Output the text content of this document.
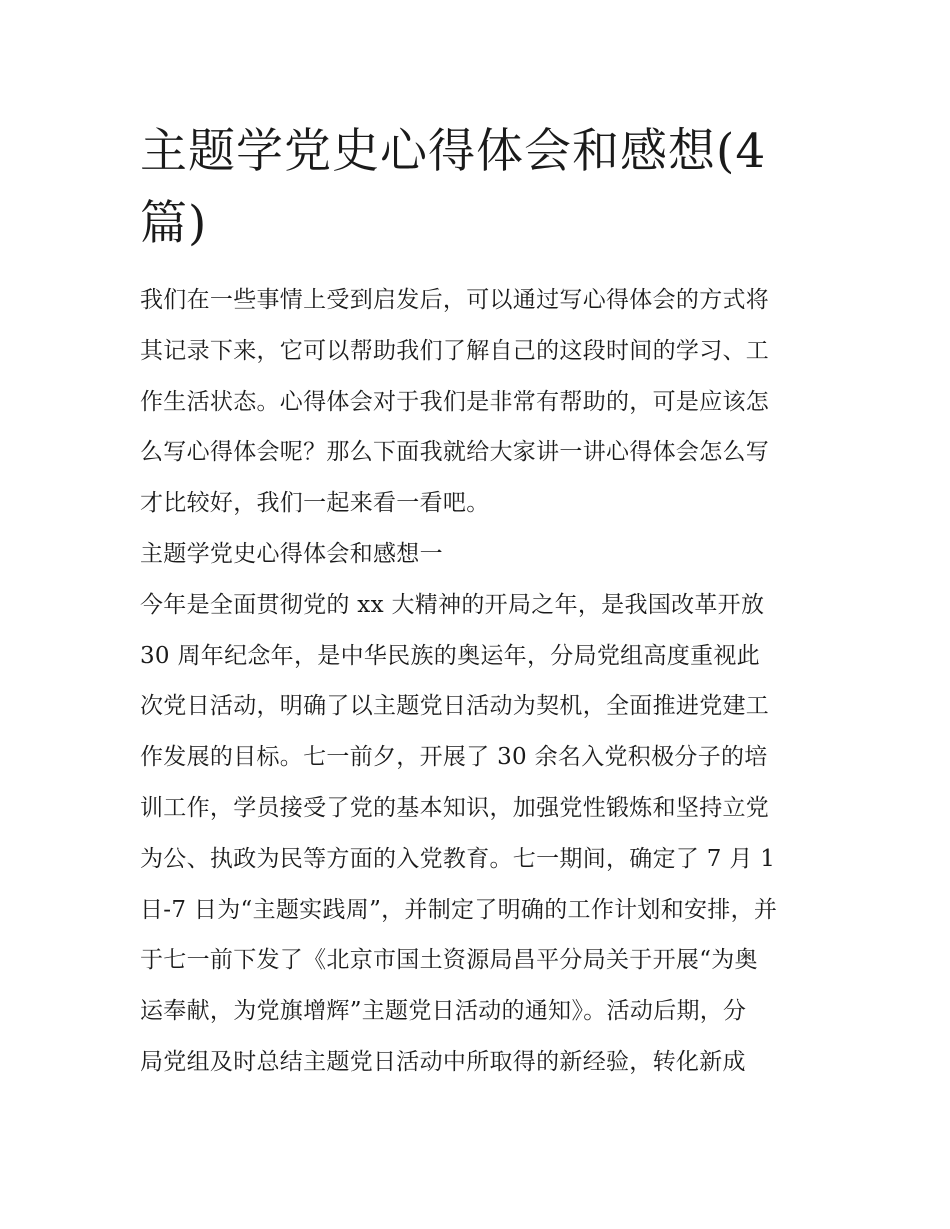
主题学党史心得体会和感想(4
篇)
我们在一些事情上受到启发后，可以通过写心得体会的方式将
其记录下来，它可以帮助我们了解自己的这段时间的学习、工
作生活状态。心得体会对于我们是非常有帮助的，可是应该怎
么写心得体会呢？那么下面我就给大家讲一讲心得体会怎么写
才比较好，我们一起来看一看吧。
主题学党史心得体会和感想一
今年是全面贯彻党的 xx 大精神的开局之年，是我国改革开放
30 周年纪念年，是中华民族的奥运年，分局党组高度重视此
次党日活动，明确了以主题党日活动为契机，全面推进党建工
作发展的目标。七一前夕，开展了 30 余名入党积极分子的培
训工作，学员接受了党的基本知识，加强党性锻炼和坚持立党
为公、执政为民等方面的入党教育。七一期间，确定了 7 月 1
日-7 日为“主题实践周”，并制定了明确的工作计划和安排，并
于七一前下发了《北京市国土资源局昌平分局关于开展“为奥
运奉献，为党旗增辉”主题党日活动的通知》。活动后期，分
局党组及时总结主题党日活动中所取得的新经验，转化新成
